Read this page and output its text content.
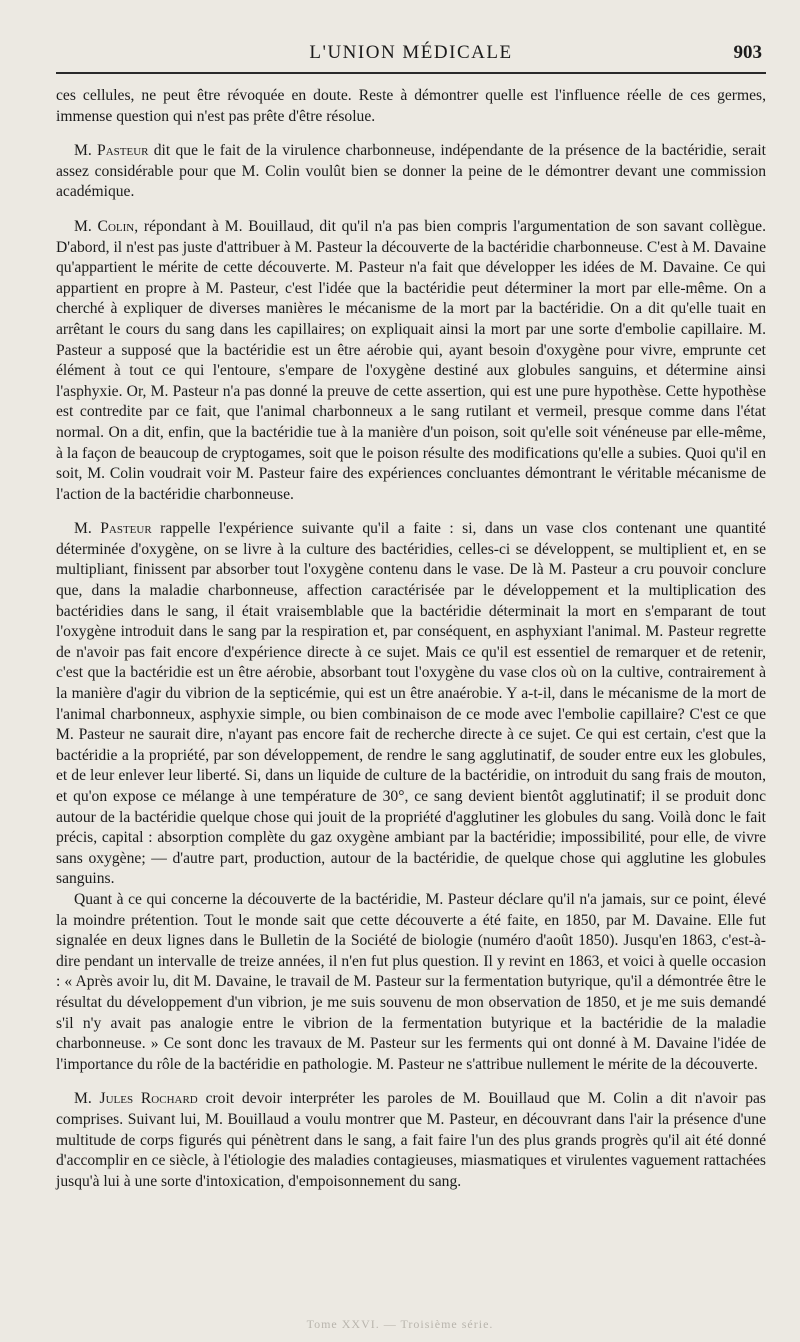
L'UNION MÉDICALE	903

ces cellules, ne peut être révoquée en doute. Reste à démontrer quelle est l'influence réelle de ces germes, immense question qui n'est pas prête d'être résolue.

M. Pasteur dit que le fait de la virulence charbonneuse, indépendante de la présence de la bactéridie, serait assez considérable pour que M. Colin voulût bien se donner la peine de le démontrer devant une commission académique.

M. Colin, répondant à M. Bouillaud, dit qu'il n'a pas bien compris l'argumentation de son savant collègue. D'abord, il n'est pas juste d'attribuer à M. Pasteur la découverte de la bactéridie charbonneuse. C'est à M. Davaine qu'appartient le mérite de cette découverte. M. Pasteur n'a fait que développer les idées de M. Davaine. Ce qui appartient en propre à M. Pasteur, c'est l'idée que la bactéridie peut déterminer la mort par elle-même. On a cherché à expliquer de diverses manières le mécanisme de la mort par la bactéridie. On a dit qu'elle tuait en arrêtant le cours du sang dans les capillaires; on expliquait ainsi la mort par une sorte d'embolie capillaire. M. Pasteur a supposé que la bactéridie est un être aérobie qui, ayant besoin d'oxygène pour vivre, emprunte cet élément à tout ce qui l'entoure, s'empare de l'oxygène destiné aux globules sanguins, et détermine ainsi l'asphyxie. Or, M. Pasteur n'a pas donné la preuve de cette assertion, qui est une pure hypothèse. Cette hypothèse est contredite par ce fait, que l'animal charbonneux a le sang rutilant et vermeil, presque comme dans l'état normal. On a dit, enfin, que la bactéridie tue à la manière d'un poison, soit qu'elle soit vénéneuse par elle-même, à la façon de beaucoup de cryptogames, soit que le poison résulte des modifications qu'elle a subies. Quoi qu'il en soit, M. Colin voudrait voir M. Pasteur faire des expériences concluantes démontrant le véritable mécanisme de l'action de la bactéridie charbonneuse.

M. Pasteur rappelle l'expérience suivante qu'il a faite : si, dans un vase clos contenant une quantité déterminée d'oxygène, on se livre à la culture des bactéridies, celles-ci se développent, se multiplient et, en se multipliant, finissent par absorber tout l'oxygène contenu dans le vase. De là M. Pasteur a cru pouvoir conclure que, dans la maladie charbonneuse, affection caractérisée par le développement et la multiplication des bactéridies dans le sang, il était vraisemblable que la bactéridie déterminait la mort en s'emparant de tout l'oxygène introduit dans le sang par la respiration et, par conséquent, en asphyxiant l'animal. M. Pasteur regrette de n'avoir pas fait encore d'expérience directe à ce sujet. Mais ce qu'il est essentiel de remarquer et de retenir, c'est que la bactéridie est un être aérobie, absorbant tout l'oxygène du vase clos où on la cultive, contrairement à la manière d'agir du vibrion de la septicémie, qui est un être anaérobie. Y a-t-il, dans le mécanisme de la mort de l'animal charbonneux, asphyxie simple, ou bien combinaison de ce mode avec l'embolie capillaire? C'est ce que M. Pasteur ne saurait dire, n'ayant pas encore fait de recherche directe à ce sujet. Ce qui est certain, c'est que la bactéridie a la propriété, par son développement, de rendre le sang agglutinatif, de souder entre eux les globules, et de leur enlever leur liberté. Si, dans un liquide de culture de la bactéridie, on introduit du sang frais de mouton, et qu'on expose ce mélange à une température de 30°, ce sang devient bientôt agglutinatif; il se produit donc autour de la bactéridie quelque chose qui jouit de la propriété d'agglutiner les globules du sang. Voilà donc le fait précis, capital : absorption complète du gaz oxygène ambiant par la bactéridie; impossibilité, pour elle, de vivre sans oxygène; — d'autre part, production, autour de la bactéridie, de quelque chose qui agglutine les globules sanguins.

Quant à ce qui concerne la découverte de la bactéridie, M. Pasteur déclare qu'il n'a jamais, sur ce point, élevé la moindre prétention. Tout le monde sait que cette découverte a été faite, en 1850, par M. Davaine. Elle fut signalée en deux lignes dans le Bulletin de la Société de biologie (numéro d'août 1850). Jusqu'en 1863, c'est-à-dire pendant un intervalle de treize années, il n'en fut plus question. Il y revint en 1863, et voici à quelle occasion : « Après avoir lu, dit M. Davaine, le travail de M. Pasteur sur la fermentation butyrique, qu'il a démontrée être le résultat du développement d'un vibrion, je me suis souvenu de mon observation de 1850, et je me suis demandé s'il n'y avait pas analogie entre le vibrion de la fermentation butyrique et la bactéridie de la maladie charbonneuse. » Ce sont donc les travaux de M. Pasteur sur les ferments qui ont donné à M. Davaine l'idée de l'importance du rôle de la bactéridie en pathologie. M. Pasteur ne s'attribue nullement le mérite de la découverte.

M. Jules Rochard croit devoir interpréter les paroles de M. Bouillaud que M. Colin a dit n'avoir pas comprises. Suivant lui, M. Bouillaud a voulu montrer que M. Pasteur, en découvrant dans l'air la présence d'une multitude de corps figurés qui pénètrent dans le sang, a fait faire l'un des plus grands progrès qu'il ait été donné d'accomplir en ce siècle, à l'étiologie des maladies contagieuses, miasmatiques et virulentes vaguement rattachées jusqu'à lui à une sorte d'intoxication, d'empoisonnement du sang.

Tome XXVI. — Troisième série.
